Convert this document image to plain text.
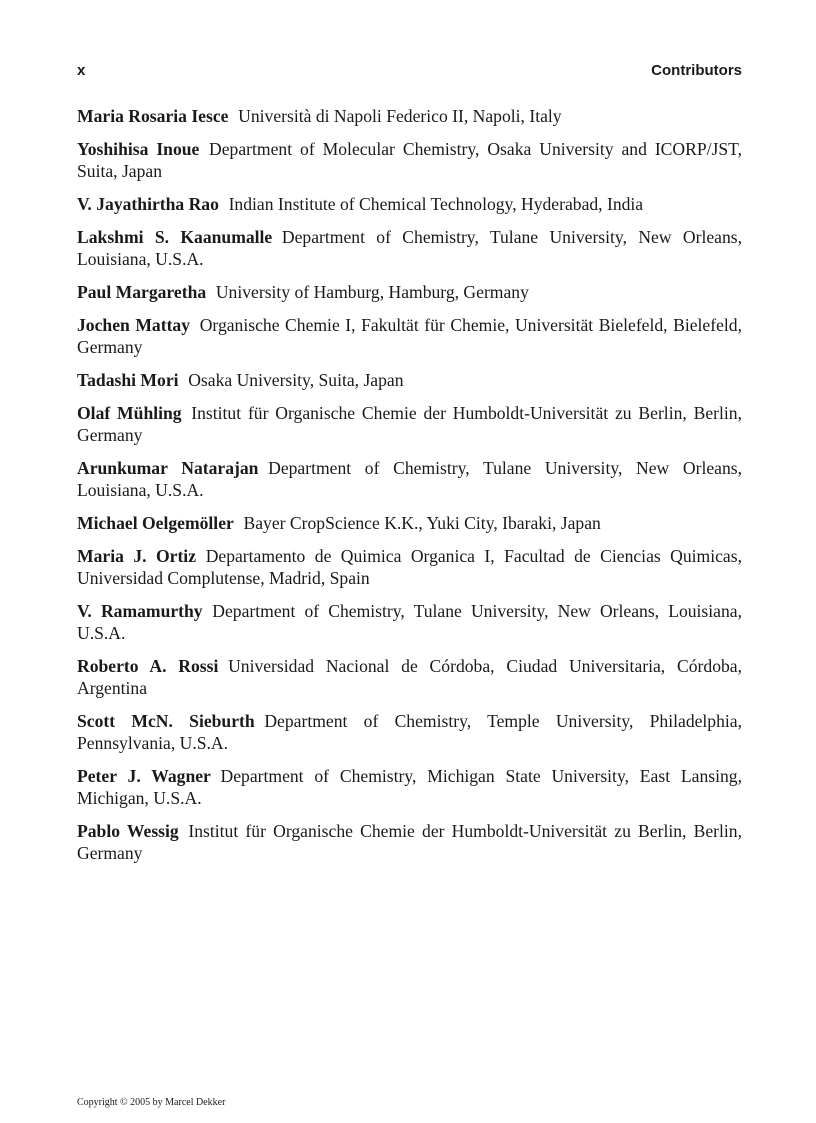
x	Contributors

Maria Rosaria Iesce Università di Napoli Federico II, Napoli, Italy

Yoshihisa Inoue Department of Molecular Chemistry, Osaka University and ICORP/JST, Suita, Japan

V. Jayathirtha Rao Indian Institute of Chemical Technology, Hyderabad, India

Lakshmi S. Kaanumalle Department of Chemistry, Tulane University, New Orleans, Louisiana, U.S.A.

Paul Margaretha University of Hamburg, Hamburg, Germany

Jochen Mattay Organische Chemie I, Fakultät für Chemie, Universität Bielefeld, Bielefeld, Germany

Tadashi Mori Osaka University, Suita, Japan

Olaf Mühling Institut für Organische Chemie der Humboldt-Universität zu Berlin, Berlin, Germany

Arunkumar Natarajan Department of Chemistry, Tulane University, New Orleans, Louisiana, U.S.A.

Michael Oelgemöller Bayer CropScience K.K., Yuki City, Ibaraki, Japan

Maria J. Ortiz Departamento de Quimica Organica I, Facultad de Ciencias Quimicas, Universidad Complutense, Madrid, Spain

V. Ramamurthy Department of Chemistry, Tulane University, New Orleans, Louisiana, U.S.A.

Roberto A. Rossi Universidad Nacional de Córdoba, Ciudad Universitaria, Córdoba, Argentina

Scott McN. Sieburth Department of Chemistry, Temple University, Philadelphia, Pennsylvania, U.S.A.

Peter J. Wagner Department of Chemistry, Michigan State University, East Lansing, Michigan, U.S.A.

Pablo Wessig Institut für Organische Chemie der Humboldt-Universität zu Berlin, Berlin, Germany

Copyright © 2005 by Marcel Dekker
